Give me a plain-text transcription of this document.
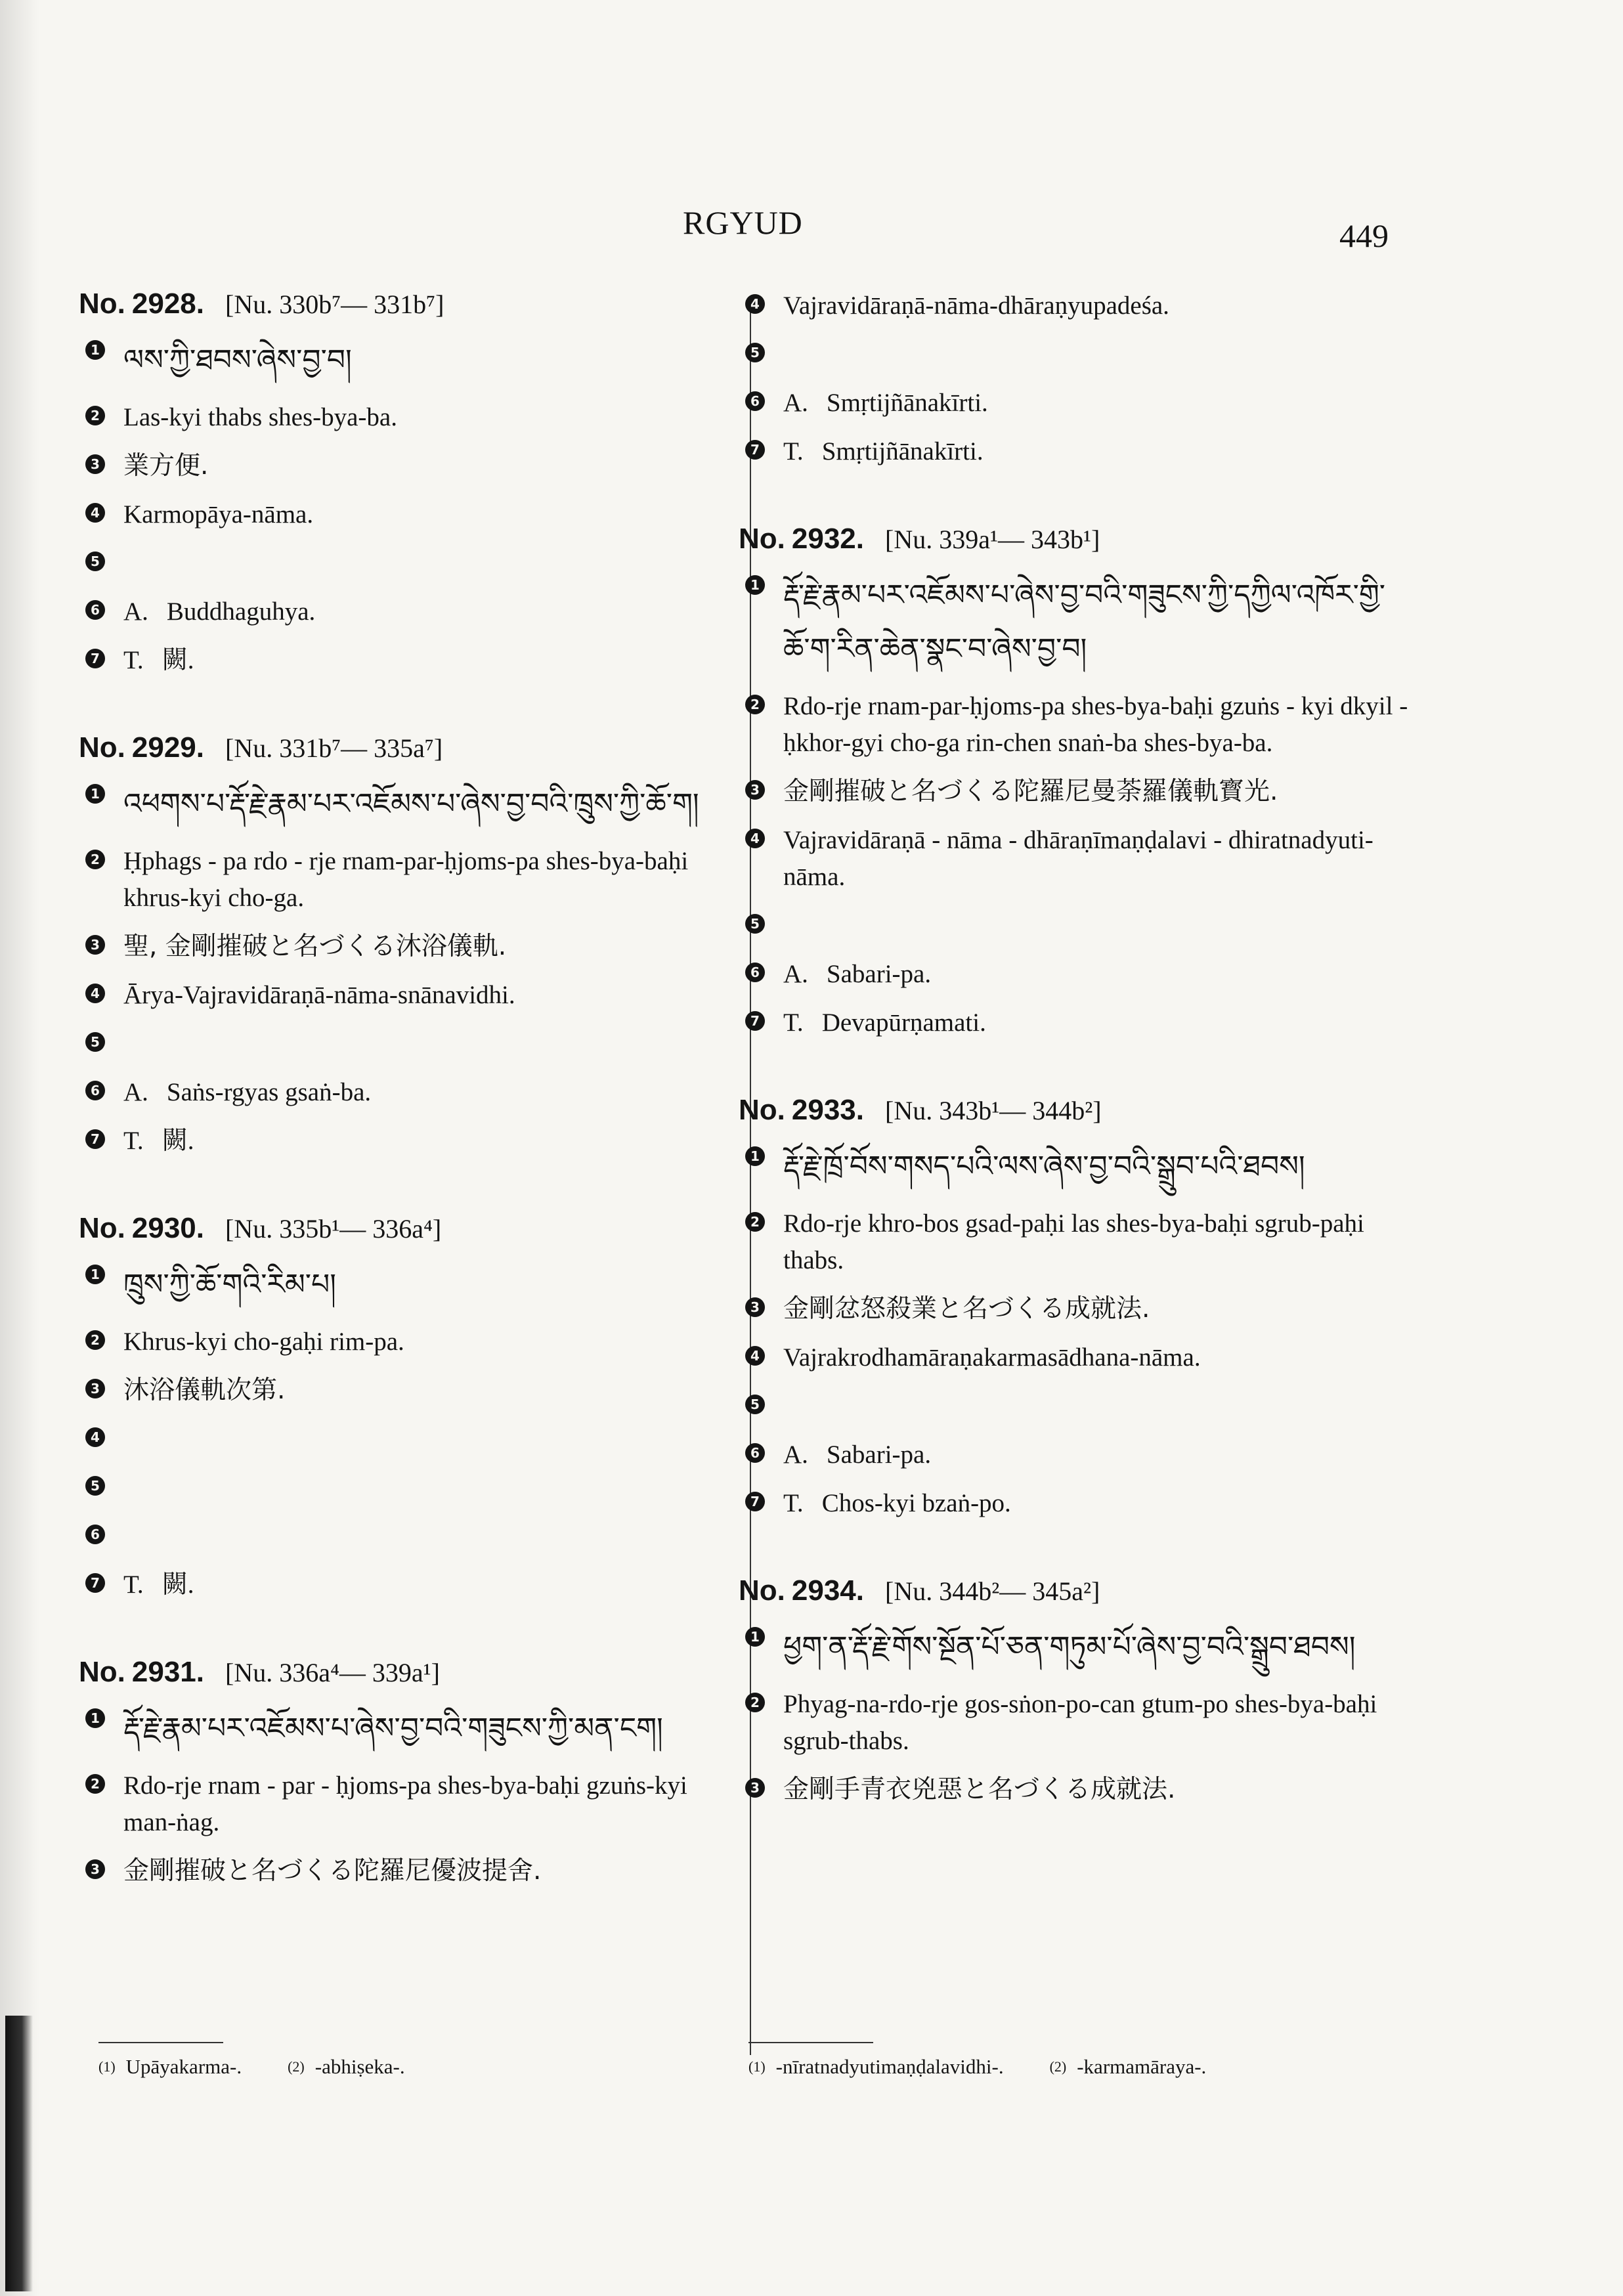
RGYUD	449
No. 2928. [Nu. 330b⁷— 331b⁷]
1 ལས་ཀྱི་ཐབས་ཞེས་བྱ་བ།
2 Las-kyi thabs shes-bya-ba.
3 業方便.
4 Karmopāya-nāma.
5
6 A. Buddhaguhya.
7 T. 闕.
No. 2929. [Nu. 331b⁷— 335a⁷]
1 འཕགས་པ་རྡོ་རྗེ་རྣམ་པར་འཇོམས་པ་ཞེས་བྱ་བའི་ཁྲུས་ཀྱི་ཆོ་ག།
2 Ḥphags - pa rdo - rje rnam-par-ḥjoms-pa shes-bya-baḥi khrus-kyi cho-ga.
3 聖, 金剛摧破と名づくる沐浴儀軌.
4 Ārya-Vajravidāraṇā-nāma-snānavidhi.
5
6 A. Saṅs-rgyas gsaṅ-ba.
7 T. 闕.
No. 2930. [Nu. 335b¹— 336a⁴]
1 ཁྲུས་ཀྱི་ཆོ་གའི་རིམ་པ།
2 Khrus-kyi cho-gaḥi rim-pa.
3 沐浴儀軌次第.
4
5
6
7 T. 闕.
No. 2931. [Nu. 336a⁴— 339a¹]
1 རྡོ་རྗེ་རྣམ་པར་འཇོམས་པ་ཞེས་བྱ་བའི་གཟུངས་ཀྱི་མན་ངག།
2 Rdo-rje rnam - par - ḥjoms-pa shes-bya-baḥi gzuṅs-kyi man-ṅag.
3 金剛摧破と名づくる陀羅尼優波提舍.
4 Vajravidāraṇā-nāma-dhāraṇyupadeśa.
5
6 A. Smṛtijñānakīrti.
7 T. Smṛtijñānakīrti.
No. 2932. [Nu. 339a¹— 343b¹]
1 རྡོ་རྗེ་རྣམ་པར་འཇོམས་པ་ཞེས་བྱ་བའི་གཟུངས་ཀྱི་དཀྱིལ་འཁོར་གྱི་ཆོ་ག་རིན་ཆེན་སྣང་བ་ཞེས་བྱ་བ།
2 Rdo-rje rnam-par-ḥjoms-pa shes-bya-baḥi gzuṅs - kyi dkyil - ḥkhor-gyi cho-ga rin-chen snaṅ-ba shes-bya-ba.
3 金剛摧破と名づくる陀羅尼曼荼羅儀軌寳光.
4 Vajravidāraṇā - nāma - dhāraṇīmaṇḍalavi - dhiratnadyuti-nāma.
5
6 A. Sabari-pa.
7 T. Devapūrṇamati.
No. 2933. [Nu. 343b¹— 344b²]
1 རྡོ་རྗེ་ཁྲོ་བོས་གསད་པའི་ལས་ཞེས་བྱ་བའི་སྒྲུབ་པའི་ཐབས།
2 Rdo-rje khro-bos gsad-paḥi las shes-bya-baḥi sgrub-paḥi thabs.
3 金剛忿怒殺業と名づくる成就法.
4 Vajrakrodhamāraṇakarmasādhana-nāma.
5
6 A. Sabari-pa.
7 T. Chos-kyi bzaṅ-po.
No. 2934. [Nu. 344b²— 345a²]
1 ཕྱག་ན་རྡོ་རྗེ་གོས་སྔོན་པོ་ཅན་གཏུམ་པོ་ཞེས་བྱ་བའི་སྒྲུབ་ཐབས།
2 Phyag-na-rdo-rje gos-sṅon-po-can gtum-po shes-bya-baḥi sgrub-thabs.
3 金剛手青衣兇惡と名づくる成就法.
(1) Upāyakarma-.	(2) -abhiṣeka-.	(1) -nīratnadyutimaṇḍalavidhi-.	(2) -karmamāraya-.
